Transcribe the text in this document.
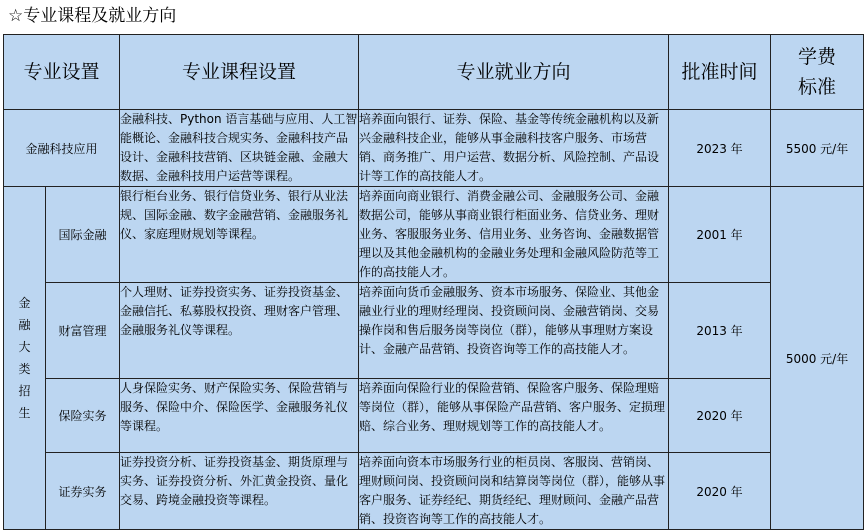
☆专业课程及就业方向
专业设置		专业课程设置	专业就业方向	批准时间	学费标准
金融科技应用		金融科技、Python 语言基础与应用、人工智能概论、金融科技合规实务、金融科技产品设计、金融科技营销、区块链金融、金融大数据、金融科技用户运营等课程。	培养面向银行、证券、保险、基金等传统金融机构以及新兴金融科技企业，能够从事金融科技客户服务、市场营销、商务推广、用户运营、数据分析、风险控制、产品设计等工作的高技能人才。	2023 年	5500 元/年
金融大类招生	国际金融	银行柜台业务、银行信贷业务、银行从业法规、国际金融、数字金融营销、金融服务礼仪、家庭理财规划等课程。	培养面向商业银行、消费金融公司、金融服务公司、金融数据公司，能够从事商业银行柜面业务、信贷业务、理财业务、客服服务业务、信用业务、业务咨询、金融数据管理以及其他金融机构的金融业务处理和金融风险防范等工作的高技能人才。	2001 年	5000 元/年
	财富管理	个人理财、证券投资实务、证券投资基金、金融信托、私募股权投资、理财客户管理、金融服务礼仪等课程。	培养面向货币金融服务、资本市场服务、保险业、其他金融业行业的理财经理岗、投资顾问岗、金融营销岗、交易操作岗和售后服务岗等岗位（群），能够从事理财方案设计、金融产品营销、投资咨询等工作的高技能人才。	2013 年	
	保险实务	人身保险实务、财产保险实务、保险营销与服务、保险中介、保险医学、金融服务礼仪等课程。	培养面向保险行业的保险营销、保险客户服务、保险理赔等岗位（群），能够从事保险产品营销、客户服务、定损理赔、综合业务、理财规划等工作的高技能人才。	2020 年	
	证券实务	证券投资分析、证券投资基金、期货原理与实务、证券投资分析、外汇黄金投资、量化交易、跨境金融投资等课程。	培养面向资本市场服务行业的柜员岗、客服岗、营销岗、理财顾问岗、投资顾问岗和结算岗等岗位（群），能够从事客户服务、证券经纪、期货经纪、理财顾问、金融产品营销、投资咨询等工作的高技能人才。	2020 年	
